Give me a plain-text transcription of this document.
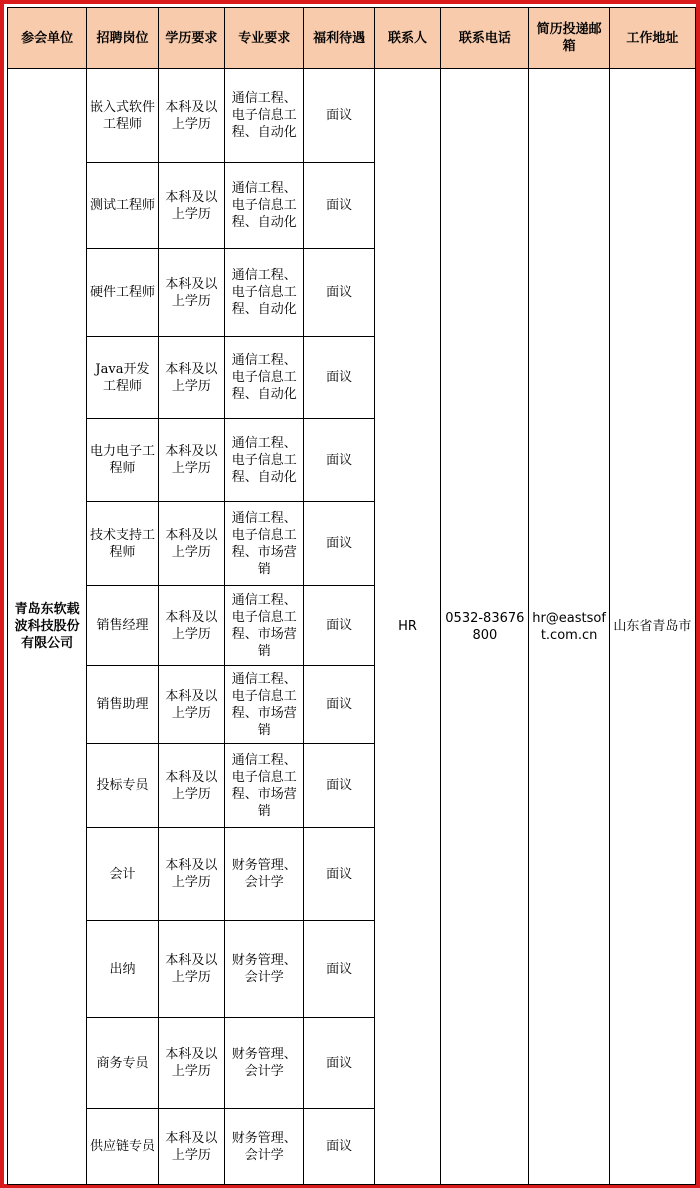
参会单位	招聘岗位	学历要求	专业要求	福利待遇	联系人	联系电话	简历投递邮箱	工作地址
青岛东软载波科技股份有限公司	嵌入式软件工程师	本科及以上学历	通信工程、电子信息工程、自动化	面议	HR	0532-83676800	hr@eastsoft.com.cn	山东省青岛市
	测试工程师	本科及以上学历	通信工程、电子信息工程、自动化	面议				
	硬件工程师	本科及以上学历	通信工程、电子信息工程、自动化	面议				
	Java开发工程师	本科及以上学历	通信工程、电子信息工程、自动化	面议				
	电力电子工程师	本科及以上学历	通信工程、电子信息工程、自动化	面议				
	技术支持工程师	本科及以上学历	通信工程、电子信息工程、市场营销	面议				
	销售经理	本科及以上学历	通信工程、电子信息工程、市场营销	面议				
	销售助理	本科及以上学历	通信工程、电子信息工程、市场营销	面议				
	投标专员	本科及以上学历	通信工程、电子信息工程、市场营销	面议				
	会计	本科及以上学历	财务管理、会计学	面议				
	出纳	本科及以上学历	财务管理、会计学	面议				
	商务专员	本科及以上学历	财务管理、会计学	面议				
	供应链专员	本科及以上学历	财务管理、会计学	面议				
